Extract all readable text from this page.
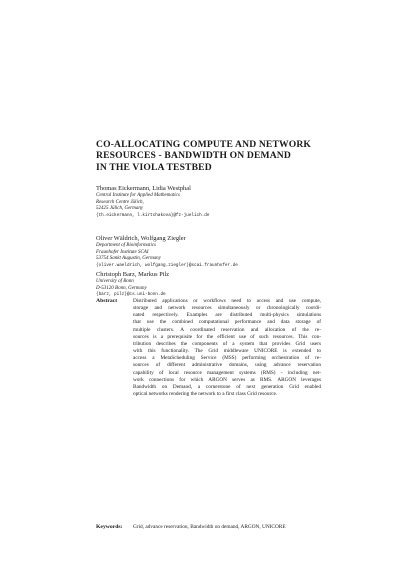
CO-ALLOCATING COMPUTE AND NETWORK
RESOURCES - BANDWIDTH ON DEMAND
IN THE VIOLA TESTBED
Thomas Eickermann, Lidia Westphal
Central Institute for Applied Mathematics
Research Centre Jülich,
52425 Jülich, Germany
{th.eickermann, l.kirtchakova}@fz-juelich.de
Oliver Wäldrich, Wolfgang Ziegler
Department of Bioinformatics
Fraunhofer Institute SCAI
53754 Sankt Augustin, Germany
{oliver.waeldrich, wolfgang.ziegler}@scai.fraunhofer.de
Christoph Barz, Markus Pilz
University of Bonn
D-53120 Bonn, Germany
{barz, pilz}@cs.uni-bonn.de
Abstract	Distributed applications or workflows need to access and use compute,
storage and network resources simultaneously or chronologically coordi-
nated respectively. Examples are distributed multi-physics simulations
that use the combined computational performance and data storage of
multiple clusters. A coordinated reservation and allocation of the re-
sources is a prerequisite for the efficient use of such resources. This con-
tribution describes the components of a system that provides Grid users
with this functionality. The Grid middleware UNICORE is extended to
access a MetaScheduling Service (MSS) performing orchestration of re-
sources of different administrative domains, using advance reservation
capability of local resource management systems (RMS) - including net-
work connections for which ARGON serves as RMS. ARGON leverages
Bandwidth on Demand, a cornerstone of next generation Grid enabled
optical networks rendering the network to a first class Grid resource.
Keywords: Grid, advance reservation, Bandwidth on demand, ARGON, UNICORE
